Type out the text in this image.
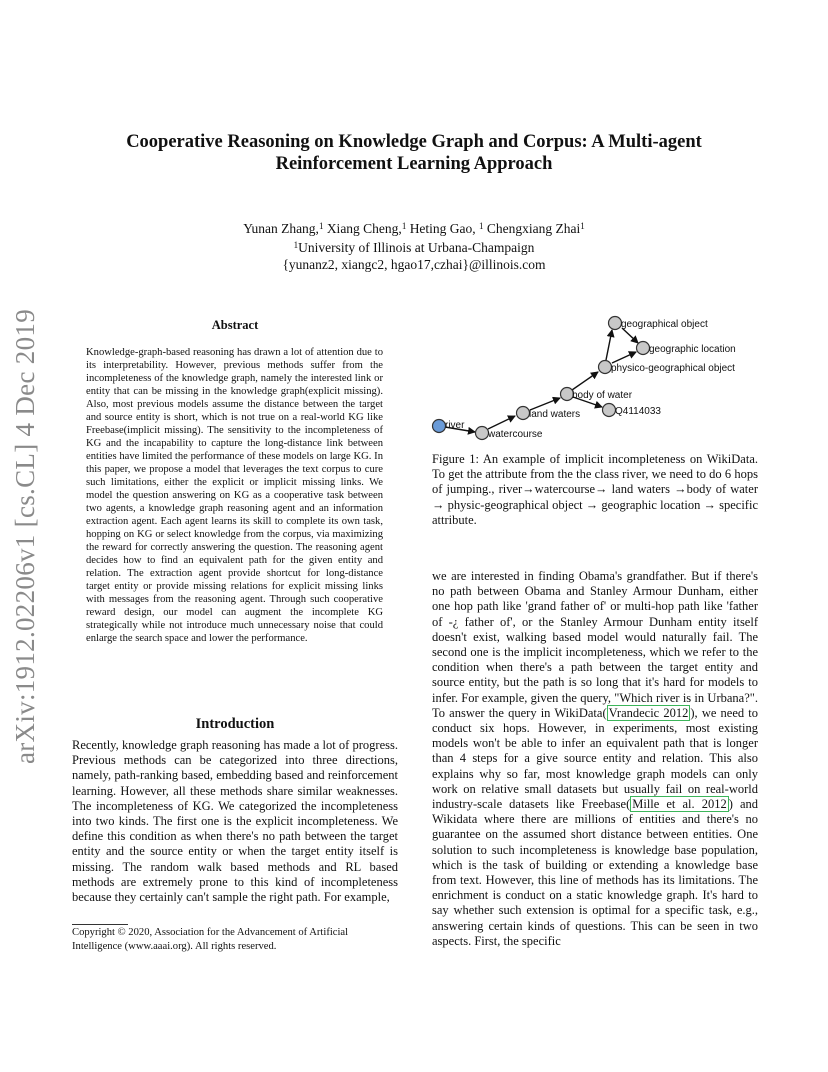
arXiv:1912.02206v1 [cs.CL] 4 Dec 2019
Cooperative Reasoning on Knowledge Graph and Corpus: A Multi-agent
Reinforcement Learning Approach
Yunan Zhang,$^1$ Xiang Cheng,$^1$ Heting Gao, $^1$ Chengxiang Zhai$^1$
$^1$University of Illinois at Urbana-Champaign
{yunanz2, xiangc2, hgao17,czhai}@illinois.com
Abstract
Knowledge-graph-based reasoning has drawn a lot of attention due to its interpretability. However, previous methods suffer from the incompleteness of the knowledge graph, namely the interested link or entity that can be missing in the knowledge graph(explicit missing). Also, most previous models assume the distance between the target and source entity is short, which is not true on a real-world KG like Freebase(implicit missing). The sensitivity to the incompleteness of KG and the incapability to capture the long-distance link between entities have limited the performance of these models on large KG. In this paper, we propose a model that leverages the text corpus to cure such limitations, either the explicit or implicit missing links. We model the question answering on KG as a cooperative task between two agents, a knowledge graph reasoning agent and an information extraction agent. Each agent learns its skill to complete its own task, hopping on KG or select knowledge from the corpus, via maximizing the reward for correctly answering the question. The reasoning agent decides how to find an equivalent path for the given entity and relation. The extraction agent provide shortcut for long-distance target entity or provide missing relations for explicit missing links with messages from the reasoning agent. Through such cooperative reward design, our model can augment the incomplete KG strategically while not introduce much unnecessary noise that could enlarge the search space and lower the performance.
Introduction
Recently, knowledge graph reasoning has made a lot of progress. Previous methods can be categorized into three directions, namely, path-ranking based, embedding based and reinforcement learning. However, all these methods share similar weaknesses. The incompleteness of KG. We categorized the incompleteness into two kinds. The first one is the explicit incompleteness. We define this condition as when there's no path between the target entity and the source entity or when the target entity itself is missing. The random walk based methods and RL based methods are extremely prone to this kind of incompleteness because they certainly can't sample the right path. For example,
Copyright © 2020, Association for the Advancement of Artificial Intelligence (www.aaai.org). All rights reserved.
river
watercourse
land waters
body of water
Q4114033
physico-geographical object
geographical object
geographic location
Figure 1: An example of implicit incompleteness on WikiData. To get the attribute from the the class river, we need to do 6 hops of jumping., river→watercourse→ land waters →body of water → physic-geographical object → geographic location → specific attribute.
we are interested in finding Obama's grandfather. But if there's no path between Obama and Stanley Armour Dunham, either one hop path like 'grand father of' or multi-hop path like 'father of -¿ father of', or the Stanley Armour Dunham entity itself doesn't exist, walking based model would naturally fail. The second one is the implicit incompleteness, which we refer to the condition when there's a path between the target entity and source entity, but the path is so long that it's hard for models to infer. For example, given the query, "Which river is in Urbana?". To answer the query in WikiData( Vrandecic 2012 ), we need to conduct six hops. However, in experiments, most existing models won't be able to infer an equivalent path that is longer than 4 steps for a give source entity and relation. This also explains why so far, most knowledge graph models can only work on relative small datasets but usually fail on real-world industry-scale datasets like Freebase( Mille et al. 2012 ) and Wikidata where there are millions of entities and there's no guarantee on the assumed short distance between entities. One solution to such incompleteness is knowledge base population, which is the task of building or extending a knowledge base from text. However, this line of methods has its limitations. The enrichment is conduct on a static knowledge graph. It's hard to say whether such extension is optimal for a specific task, e.g., answering certain kinds of questions. This can be seen in two aspects. First, the specific
